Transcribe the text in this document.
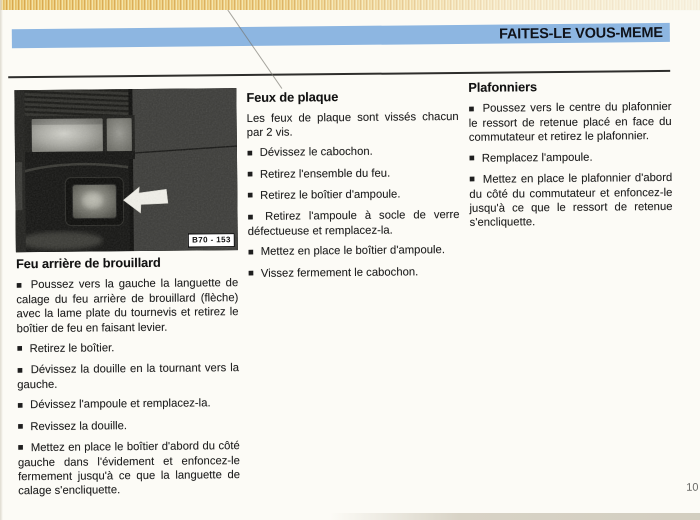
FAITES-LE VOUS-MEME
B70 - 153
Feu arrière de brouillard
■ Poussez vers la gauche la languette de calage du feu arrière de brouillard (flèche) avec la lame plate du tournevis et retirez le boîtier de feu en faisant levier.
■ Retirez le boîtier.
■ Dévissez la douille en la tournant vers la gauche.
■ Dévissez l'ampoule et remplacez-la.
■ Revissez la douille.
■ Mettez en place le boîtier d'abord du côté gauche dans l'évidement et enfoncez-le fermement jusqu'à ce que la languette de calage s'encliquette.
Feux de plaque
Les feux de plaque sont vissés chacun par 2 vis.
■ Dévissez le cabochon.
■ Retirez l'ensemble du feu.
■ Retirez le boîtier d'ampoule.
■ Retirez l'ampoule à socle de verre défectueuse et remplacez-la.
■ Mettez en place le boîtier d'ampoule.
■ Vissez fermement le cabochon.
Plafonniers
■ Poussez vers le centre du plafonnier le ressort de retenue placé en face du commutateur et retirez le plafonnier.
■ Remplacez l'ampoule.
■ Mettez en place le plafonnier d'abord du côté du commutateur et enfoncez-le jusqu'à ce que le ressort de retenue s'encliquette.
10
